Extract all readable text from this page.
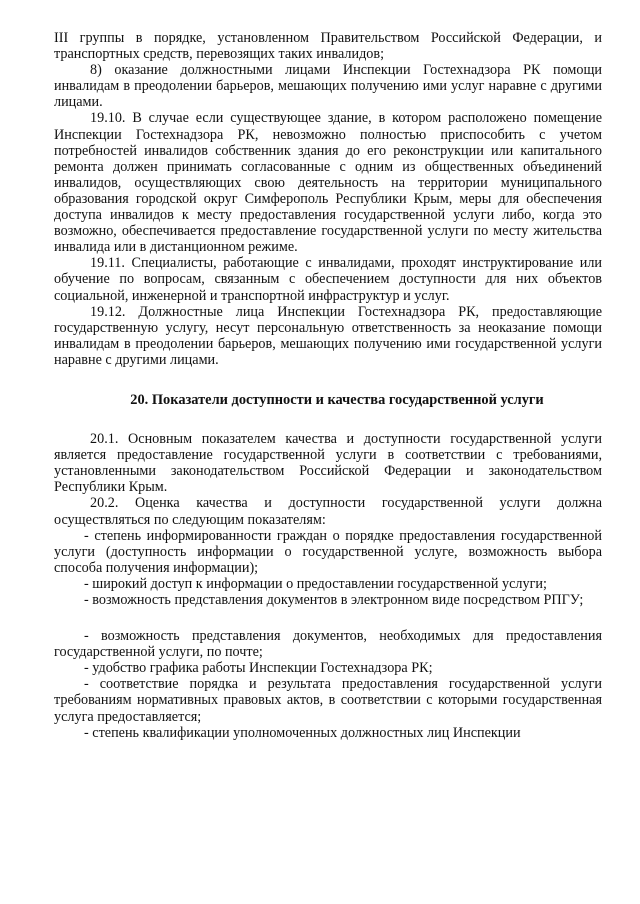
III группы в порядке, установленном Правительством Российской Федерации, и транспортных средств, перевозящих таких инвалидов;

8) оказание должностными лицами Инспекции Гостехнадзора РК помощи инвалидам в преодолении барьеров, мешающих получению ими услуг наравне с другими лицами.

19.10. В случае если существующее здание, в котором расположено помещение Инспекции Гостехнадзора РК, невозможно полностью приспособить с учетом потребностей инвалидов собственник здания до его реконструкции или капитального ремонта должен принимать согласованные с одним из общественных объединений инвалидов, осуществляющих свою деятельность на территории муниципального образования городской округ Симферополь Республики Крым, меры для обеспечения доступа инвалидов к месту предоставления государственной услуги либо, когда это возможно, обеспечивается предоставление государственной услуги по месту жительства инвалида или в дистанционном режиме.

19.11. Специалисты, работающие с инвалидами, проходят инструктирование или обучение по вопросам, связанным с обеспечением доступности для них объектов социальной, инженерной и транспортной инфраструктур и услуг.

19.12. Должностные лица Инспекции Гостехнадзора РК, предоставляющие государственную услугу, несут персональную ответственность за неоказание помощи инвалидам в преодолении барьеров, мешающих получению ими государственной услуги наравне с другими лицами.

20. Показатели доступности и качества государственной услуги

20.1. Основным показателем качества и доступности государственной услуги является предоставление государственной услуги в соответствии с требованиями, установленными законодательством Российской Федерации и законодательством Республики Крым.

20.2. Оценка качества и доступности государственной услуги должна осуществляться по следующим показателям:

- степень информированности граждан о порядке предоставления государственной услуги (доступность информации о государственной услуге, возможность выбора способа получения информации);

- широкий доступ к информации о предоставлении государственной услуги;

- возможность представления документов в электронном виде посредством РПГУ;

- возможность представления документов, необходимых для предоставления государственной услуги, по почте;

- удобство графика работы Инспекции Гостехнадзора РК;

- соответствие порядка и результата предоставления государственной услуги требованиям нормативных правовых актов, в соответствии с которыми государственная услуга предоставляется;

- степень квалификации уполномоченных должностных лиц Инспекции
